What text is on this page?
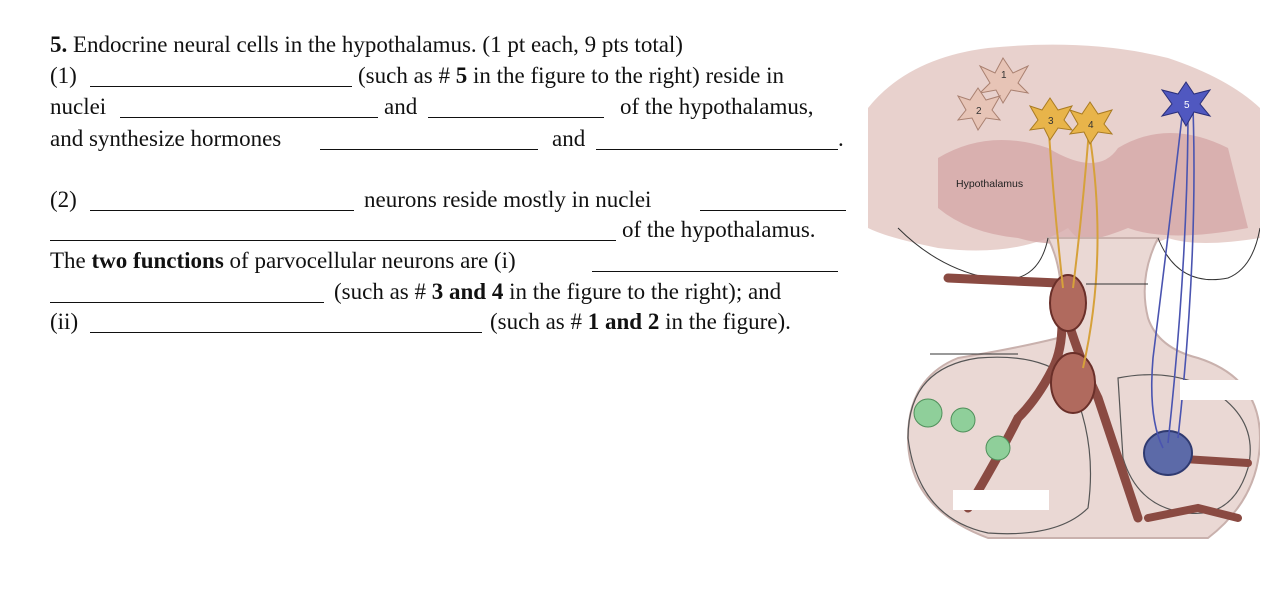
5. Endocrine neural cells in the hypothalamus. (1 pt each, 9 pts total)
(1)	(such as # 5 in the figure to the right) reside in
nuclei	and	of the hypothalamus,
and synthesize hormones	and	.
(2)	neurons reside mostly in nuclei
of the hypothalamus.
The two functions of parvocellular neurons are (i)
(such as # 3 and 4 in the figure to the right); and
(ii)	(such as # 1 and 2 in the figure).
1
2
3	4
5
Hypothalamus
